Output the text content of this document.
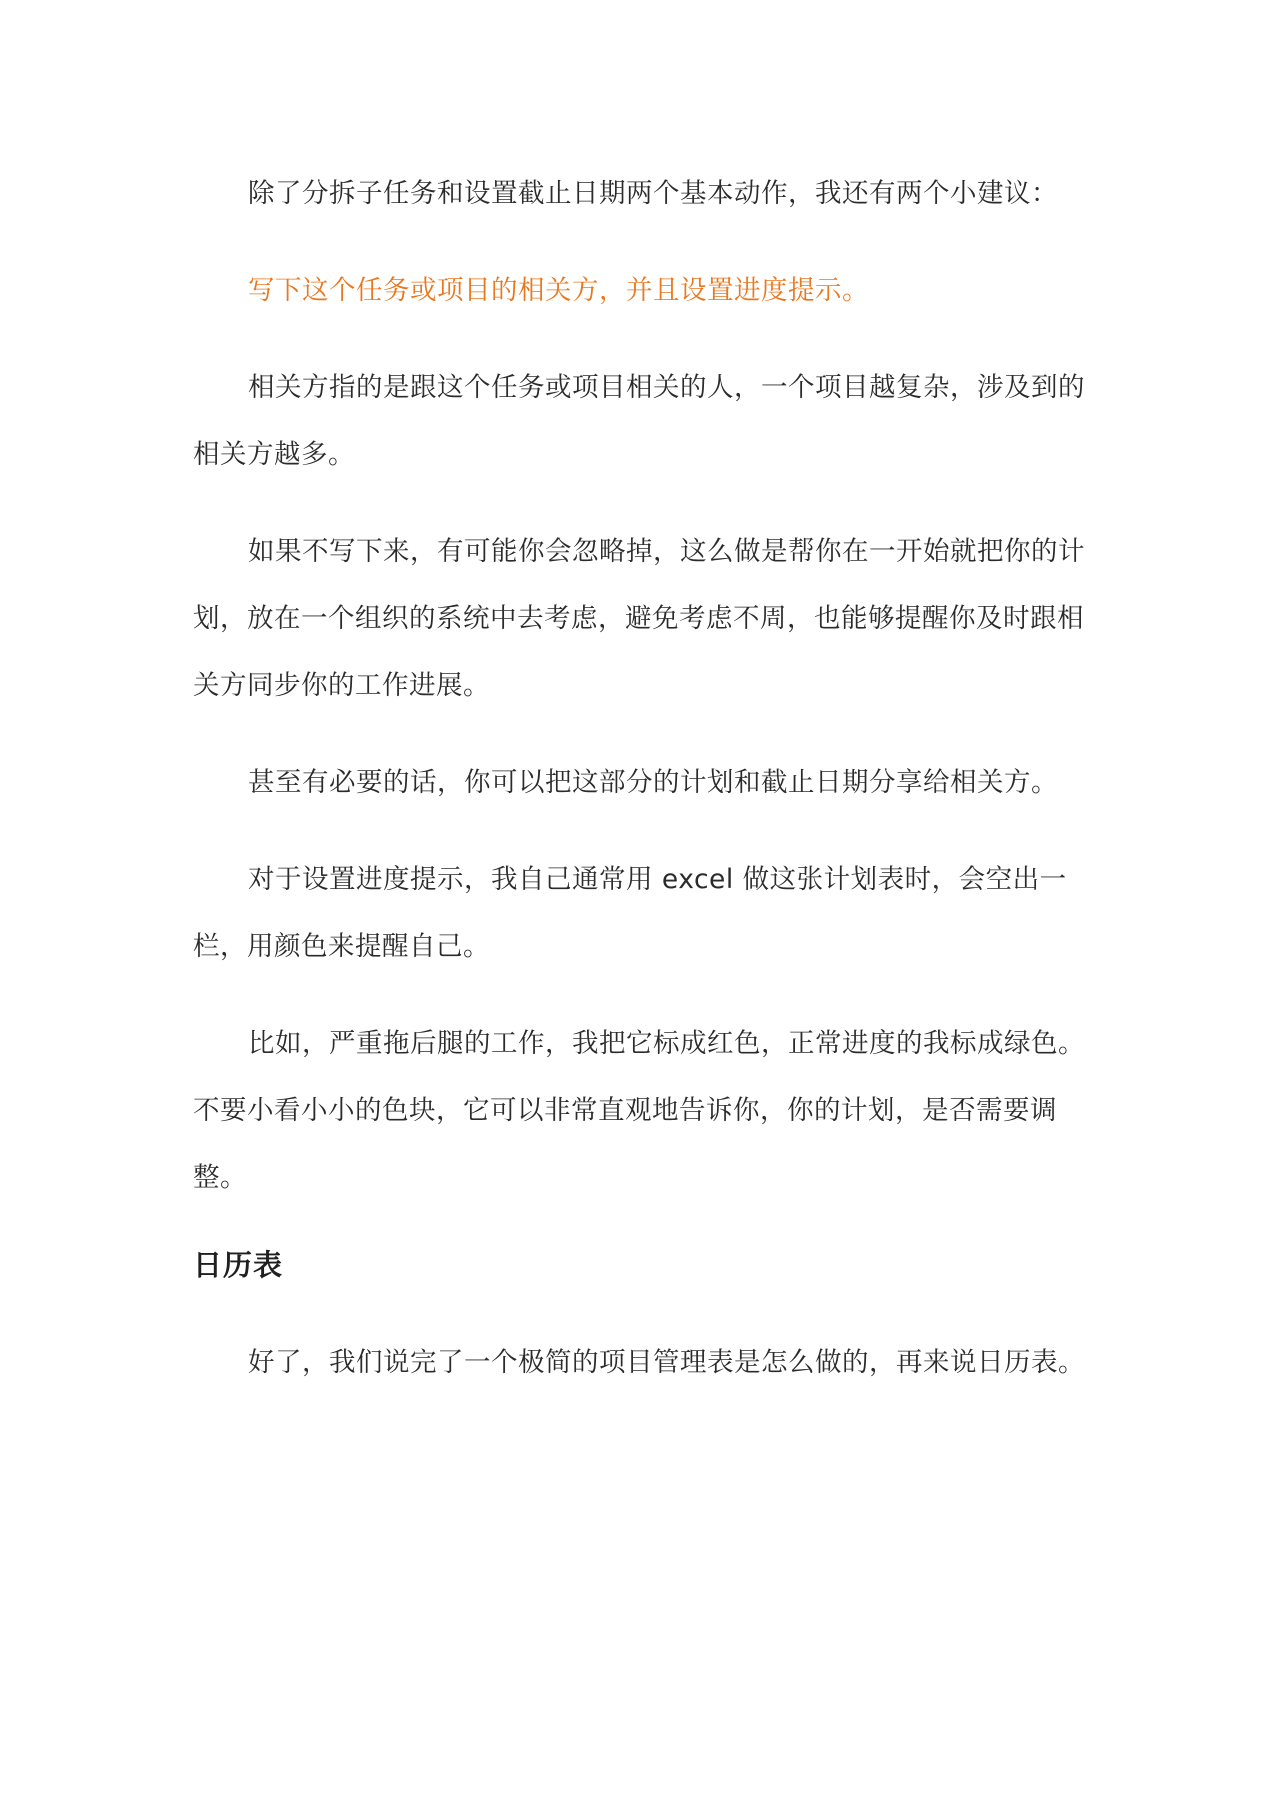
除了分拆子任务和设置截止日期两个基本动作，我还有两个小建议：

写下这个任务或项目的相关方，并且设置进度提示。

相关方指的是跟这个任务或项目相关的人，一个项目越复杂，涉及到的相关方越多。

如果不写下来，有可能你会忽略掉，这么做是帮你在一开始就把你的计划，放在一个组织的系统中去考虑，避免考虑不周，也能够提醒你及时跟相关方同步你的工作进展。

甚至有必要的话，你可以把这部分的计划和截止日期分享给相关方。

对于设置进度提示，我自己通常用 excel 做这张计划表时，会空出一栏，用颜色来提醒自己。

比如，严重拖后腿的工作，我把它标成红色，正常进度的我标成绿色。不要小看小小的色块，它可以非常直观地告诉你，你的计划，是否需要调整。

日历表

好了，我们说完了一个极简的项目管理表是怎么做的，再来说日历表。
